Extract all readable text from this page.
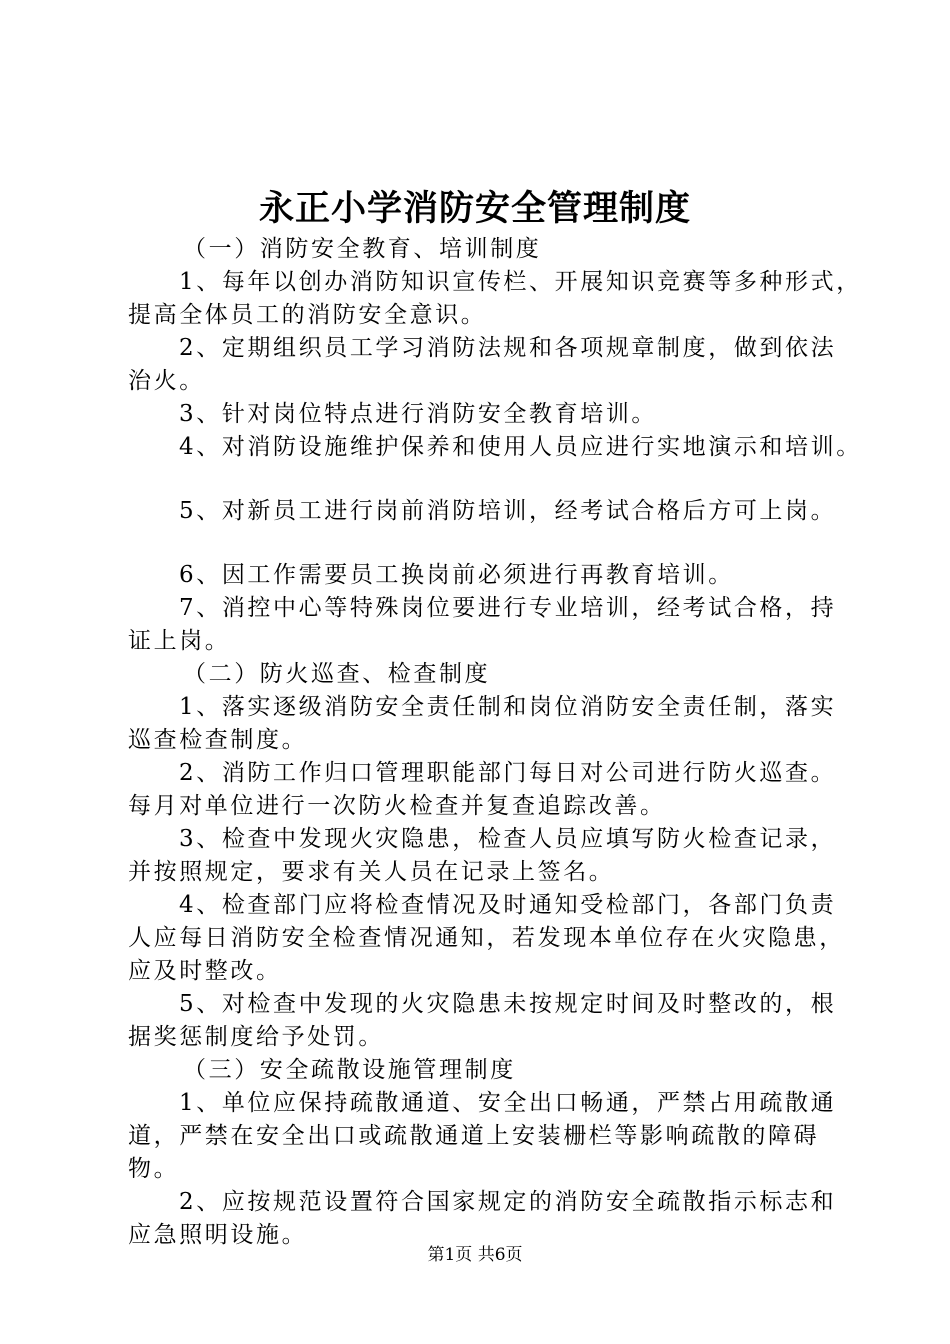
永正小学消防安全管理制度
（一）消防安全教育、培训制度
1、每年以创办消防知识宣传栏、开展知识竞赛等多种形式，
提高全体员工的消防安全意识。
2、定期组织员工学习消防法规和各项规章制度，做到依法
治火。
3、针对岗位特点进行消防安全教育培训。
4、对消防设施维护保养和使用人员应进行实地演示和培训。
5、对新员工进行岗前消防培训，经考试合格后方可上岗。
6、因工作需要员工换岗前必须进行再教育培训。
7、消控中心等特殊岗位要进行专业培训，经考试合格，持
证上岗。
（二）防火巡查、检查制度
1、落实逐级消防安全责任制和岗位消防安全责任制，落实
巡查检查制度。
2、消防工作归口管理职能部门每日对公司进行防火巡查。
每月对单位进行一次防火检查并复查追踪改善。
3、检查中发现火灾隐患，检查人员应填写防火检查记录，
并按照规定，要求有关人员在记录上签名。
4、检查部门应将检查情况及时通知受检部门，各部门负责
人应每日消防安全检查情况通知，若发现本单位存在火灾隐患，
应及时整改。
5、对检查中发现的火灾隐患未按规定时间及时整改的，根
据奖惩制度给予处罚。
（三）安全疏散设施管理制度
1、单位应保持疏散通道、安全出口畅通，严禁占用疏散通
道，严禁在安全出口或疏散通道上安装栅栏等影响疏散的障碍
物。
2、应按规范设置符合国家规定的消防安全疏散指示标志和
应急照明设施。
第1页 共6页
